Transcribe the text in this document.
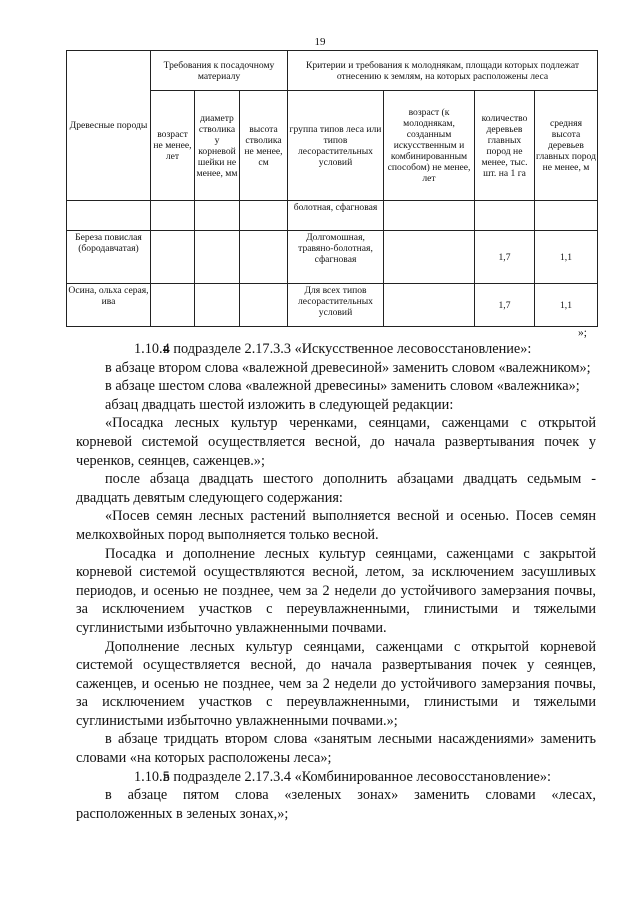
19
Древесные породы	Требования к посадочному материалу			Критерии и требования к молоднякам, площади которых подлежат отнесению к землям, на которых расположены леса			
	возраст не менее, лет	диаметр стволика у корневой шейки не менее, мм	высота стволика не менее, см	группа типов леса или типов лесорастительных условий	возраст (к молоднякам, созданным искусственным и комбинированным способом) не менее, лет	количество деревьев главных пород не менее, тыс. шт. на 1 га	средняя высота деревьев главных пород не менее, м
				болотная, сфагновая			
Береза повислая (бородавчатая)				Долгомошная, травяно-болотная, сфагновая		1,7	1,1
Осина, ольха серая, ива				Для всех типов лесорастительных условий		1,7	1,1
»;

1.10.4в подразделе 2.17.3.3 «Искусственное лесовосстановление»:

в абзаце втором слова «валежной древесиной» заменить словом «валежником»;

в абзаце шестом слова «валежной древесины» заменить словом «валежника»;

абзац двадцать шестой изложить в следующей редакции:

«Посадка лесных культур черенками, сеянцами, саженцами с открытой корневой системой осуществляется весной, до начала развертывания почек у черенков, сеянцев, саженцев.»;

после абзаца двадцать шестого дополнить абзацами двадцать седьмым - двадцать девятым следующего содержания:

«Посев семян лесных растений выполняется весной и осенью. Посев семян мелкохвойных пород выполняется только весной.

Посадка и дополнение лесных культур сеянцами, саженцами с закрытой корневой системой осуществляются весной, летом, за исключением засушливых периодов, и осенью не позднее, чем за 2 недели до устойчивого замерзания почвы, за исключением участков с переувлажненными, глинистыми и тяжелыми суглинистыми избыточно увлажненными почвами.

Дополнение лесных культур сеянцами, саженцами с открытой корневой системой осуществляется весной, до начала развертывания почек у сеянцев, саженцев, и осенью не позднее, чем за 2 недели до устойчивого замерзания почвы, за исключением участков с переувлажненными, глинистыми и тяжелыми суглинистыми избыточно увлажненными почвами.»;

в абзаце тридцать втором слова «занятым лесными насаждениями» заменить словами «на которых расположены леса»;

1.10.5в подразделе 2.17.3.4 «Комбинированное лесовосстановление»:

в абзаце пятом слова «зеленых зонах» заменить словами «лесах, расположенных в зеленых зонах,»;
